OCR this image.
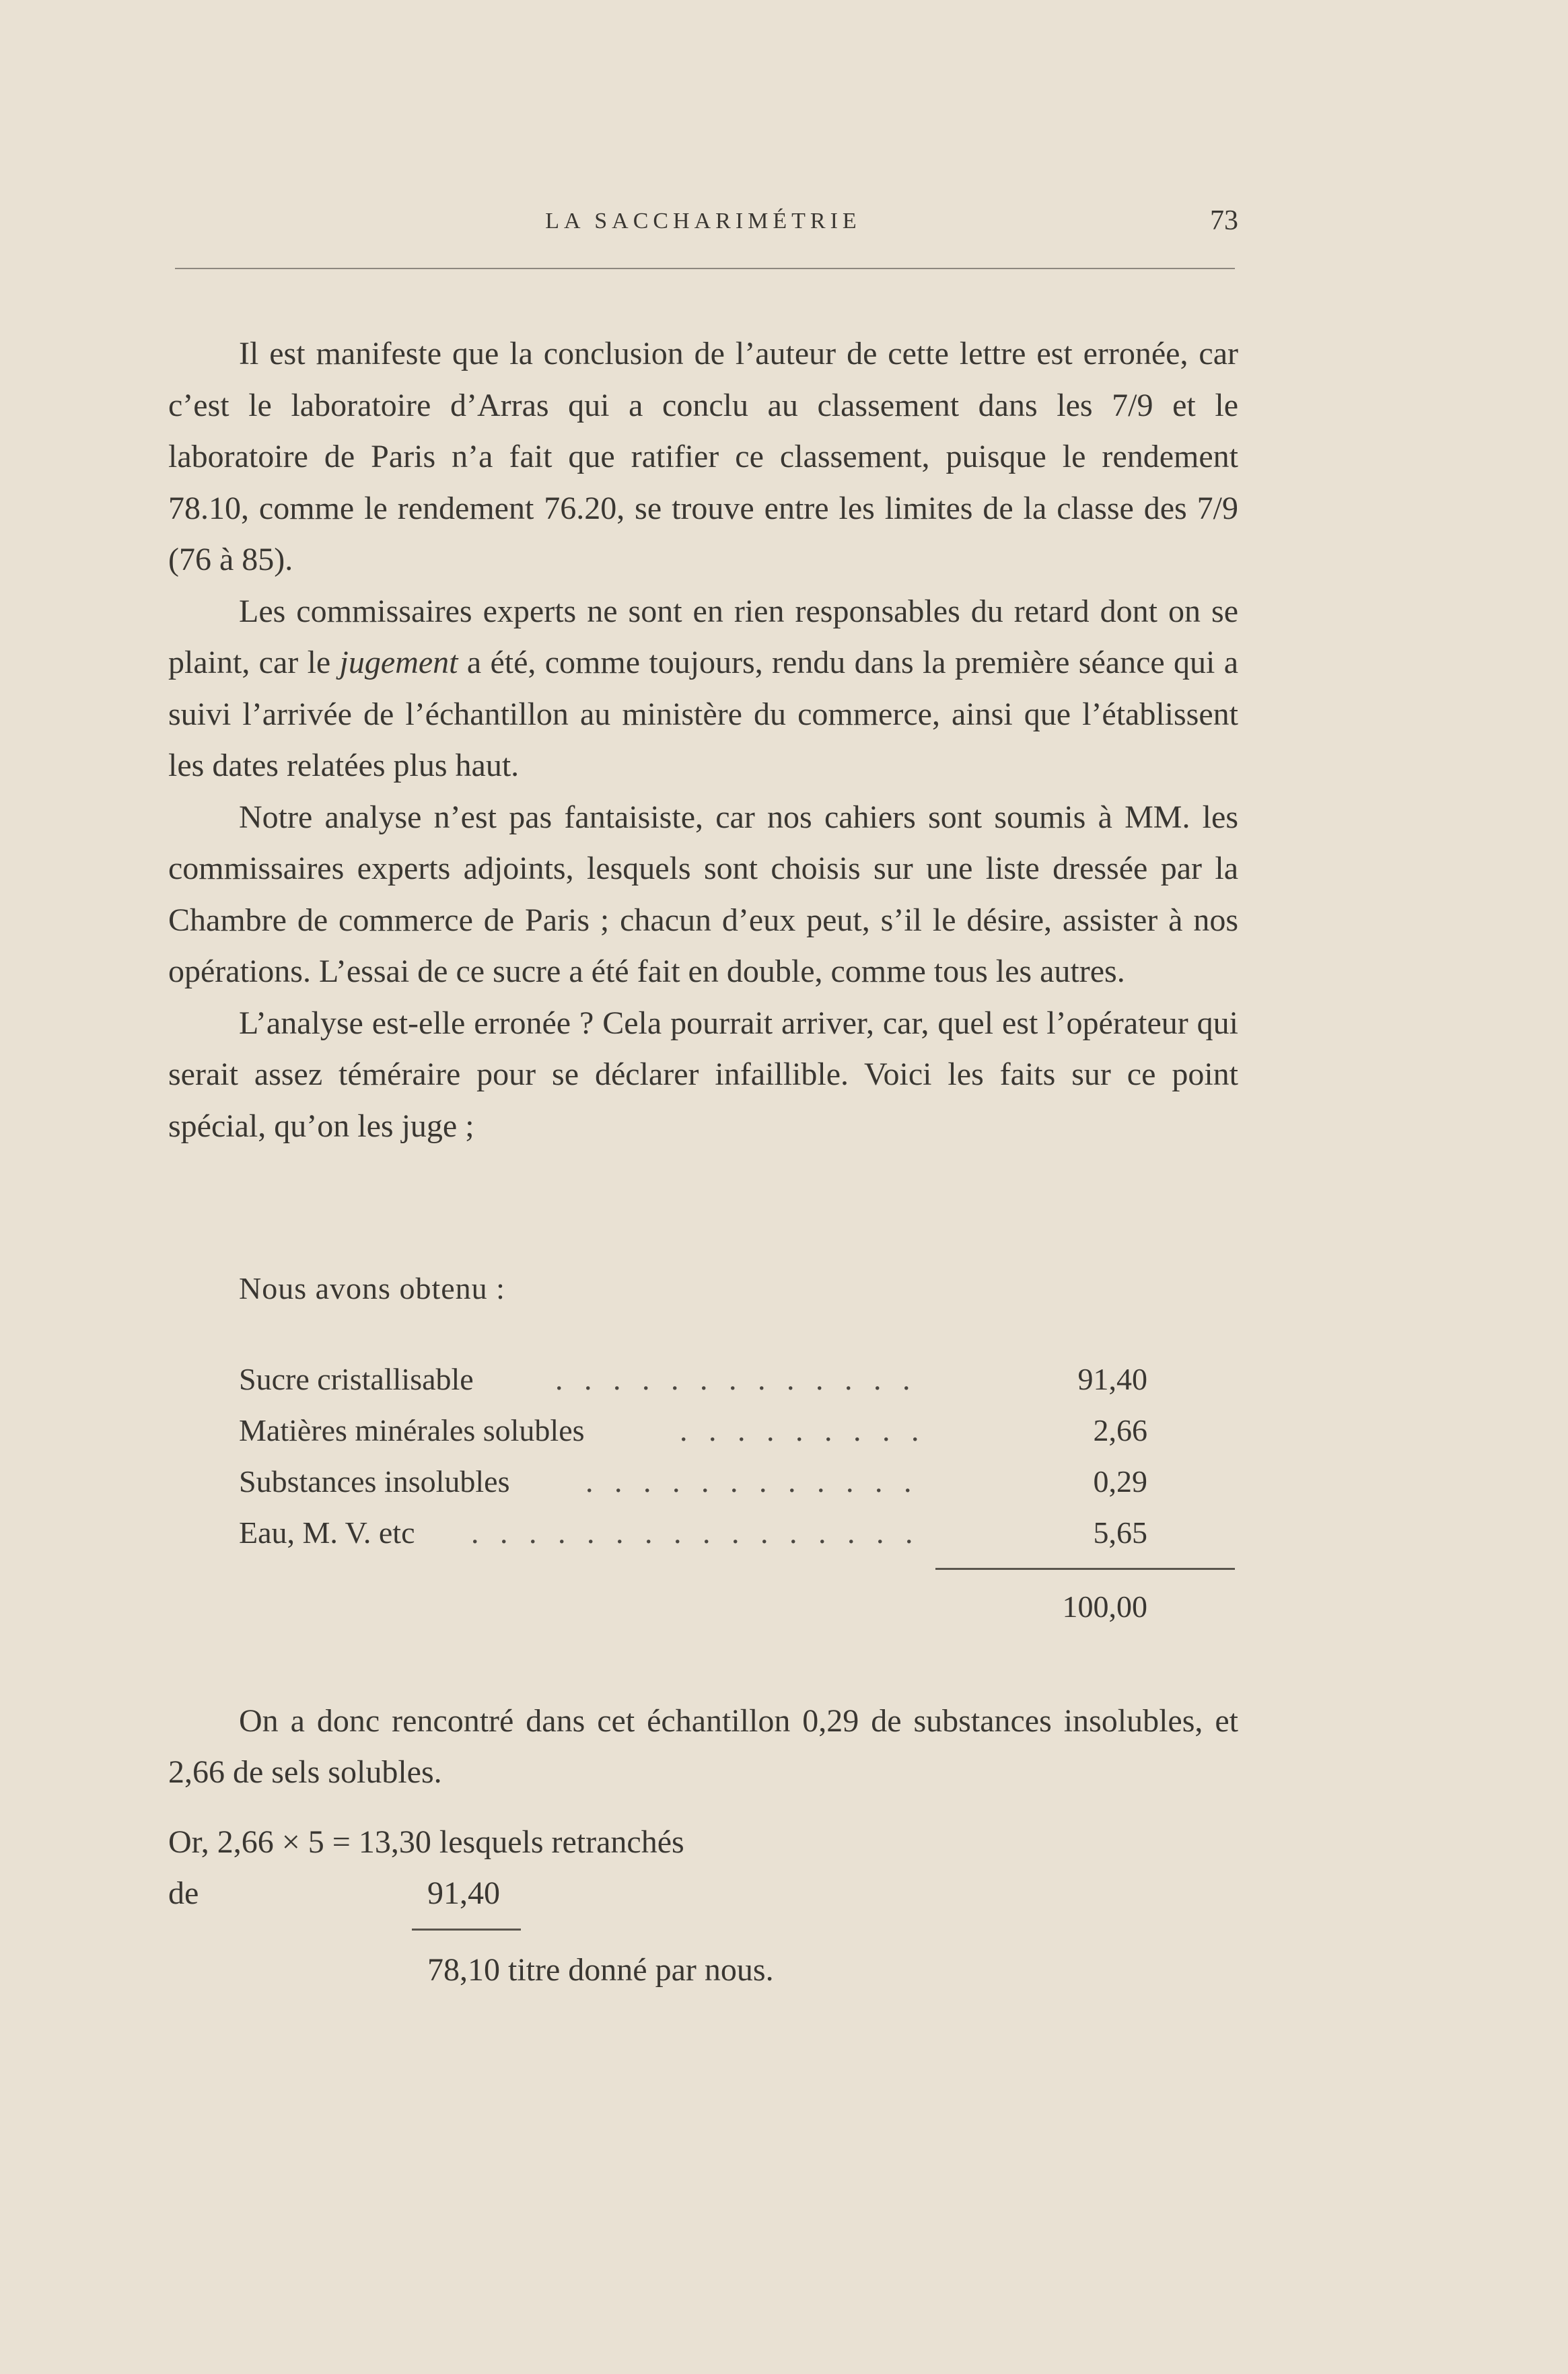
LA SACCHARIMÉTRIE	73

Il est manifeste que la conclusion de l’auteur de cette lettre est erronée, car c’est le laboratoire d’Arras qui a conclu au classement dans les 7/9 et le laboratoire de Paris n’a fait que ratifier ce classement, puisque le rendement 78.10, comme le rendement 76.20, se trouve entre les limites de la classe des 7/9 (76 à 85).

Les commissaires experts ne sont en rien responsables du retard dont on se plaint, car le jugement a été, comme toujours, rendu dans la première séance qui a suivi l’arrivée de l’échantillon au ministère du commerce, ainsi que l’établissent les dates relatées plus haut.

Notre analyse n’est pas fantaisiste, car nos cahiers sont soumis à MM. les commissaires experts adjoints, lesquels sont choisis sur une liste dressée par la Chambre de commerce de Paris ; chacun d’eux peut, s’il le désire, assister à nos opérations. L’essai de ce sucre a été fait en double, comme tous les autres.

L’analyse est-elle erronée ? Cela pourrait arriver, car, quel est l’opérateur qui serait assez téméraire pour se déclarer infaillible. Voici les faits sur ce point spécial, qu’on les juge ;

Nous avons obtenu :
Sucre cristallisable	. . . . . . . . . . . . .	91,40
Matières minérales solubles	. . . . . . . . .	2,66
Substances insolubles . . . . . . . . . . . .	0,29
Eau, M. V. etc . . . . . . . . . . . . . . . .	5,65
100,00

On a donc rencontré dans cet échantillon 0,29 de substances insolubles, et 2,66 de sels solubles.

Or, 2,66 × 5 = 13,30 lesquels retranchés
de	91,40
78,10 titre donné par nous.
